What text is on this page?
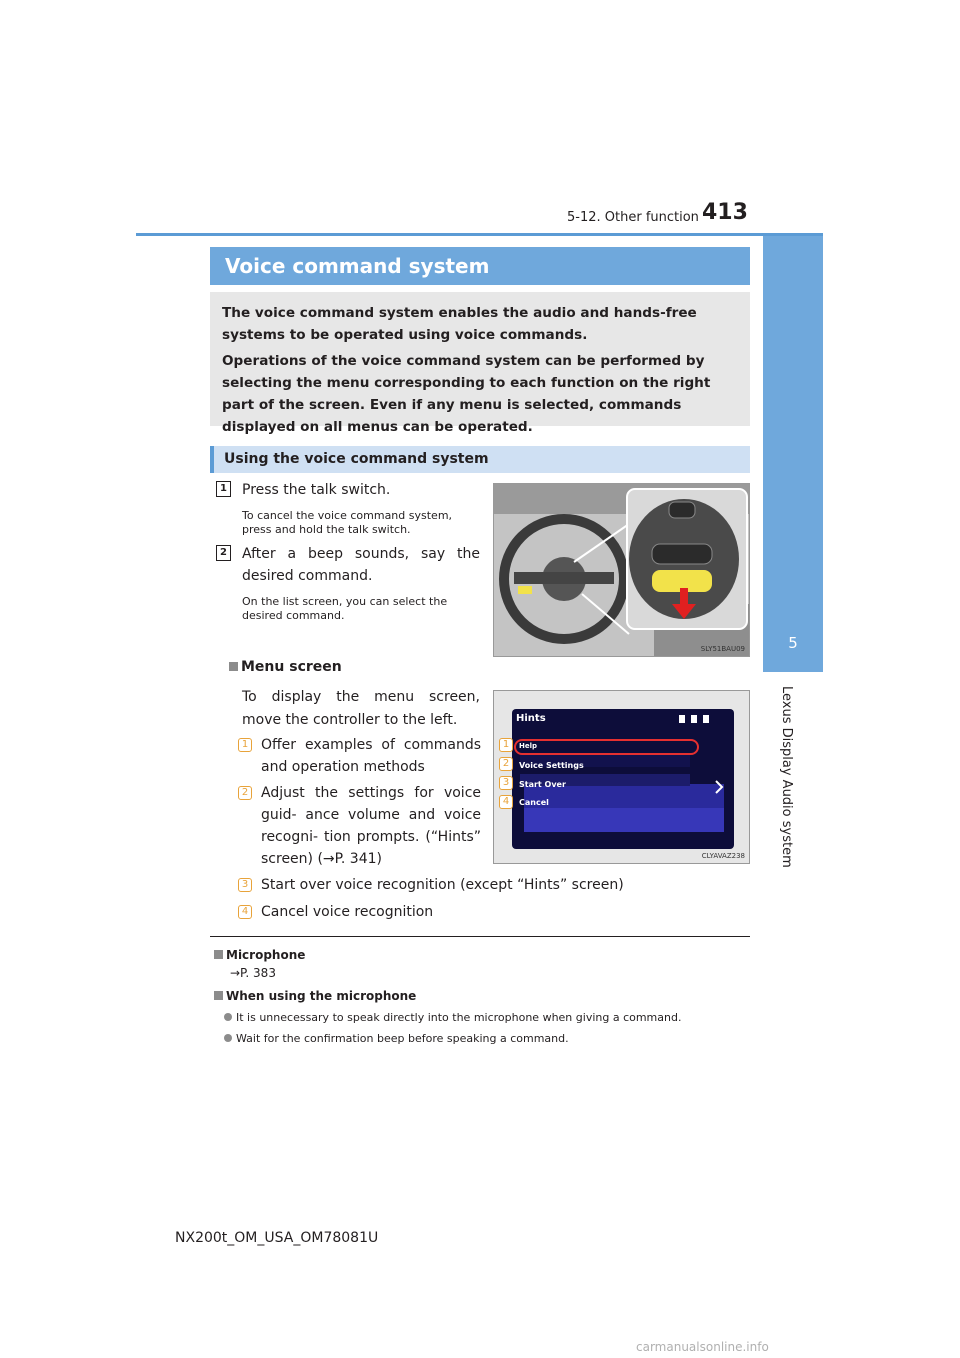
5-12. Other function 413
5
Lexus Display Audio system
Voice command system

The voice command system enables the audio and hands-free systems to be operated using voice commands.

Operations of the voice command system can be performed by selecting the menu corresponding to each function on the right part of the screen. Even if any menu is selected, commands displayed on all menus can be operated.

Using the voice command system
1 Press the talk switch.
To cancel the voice command system, press and hold the talk switch.
2 After a beep sounds, say the desired command.
On the list screen, you can select the desired command.
SLY51BAU09
Menu screen
To display the menu screen, move the controller to the left.	Hints
Help
Voice Settings
Start Over
Cancel
1
2
3
4
CLYAVAZ238
1 Offer examples of commands and operation methods
2 Adjust the settings for voice guid- ance volume and voice recogni- tion prompts. (“Hints” screen) (→P. 341)
3 Start over voice recognition (except “Hints” screen)
4 Cancel voice recognition
Microphone
→P. 383
When using the microphone
It is unnecessary to speak directly into the microphone when giving a command.
Wait for the confirmation beep before speaking a command.
NX200t_OM_USA_OM78081U
carmanualsonline.info
